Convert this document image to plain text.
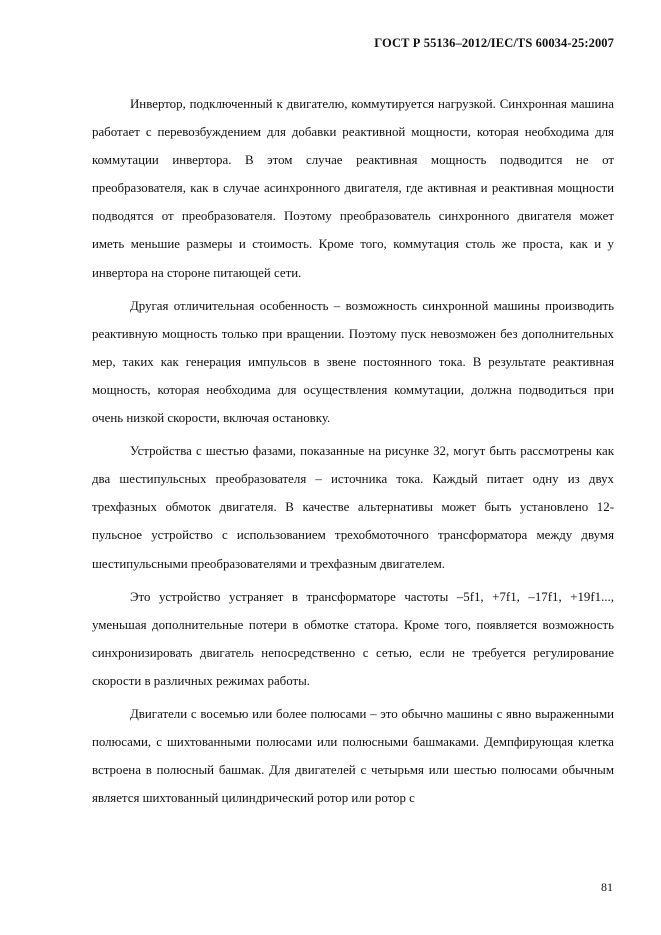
ГОСТ Р 55136–2012/IEC/TS 60034-25:2007

Инвертор, подключенный к двигателю, коммутируется нагрузкой. Синхронная машина работает с перевозбуждением для добавки реактивной мощности, которая необходима для коммутации инвертора. В этом случае реактивная мощность подводится не от преобразователя, как в случае асинхронного двигателя, где активная и реактивная мощности подводятся от преобразователя. Поэтому преобразователь синхронного двигателя может иметь меньшие размеры и стоимость. Кроме того, коммутация столь же проста, как и у инвертора на стороне питающей сети.

Другая отличительная особенность – возможность синхронной машины производить реактивную мощность только при вращении. Поэтому пуск невозможен без дополнительных мер, таких как генерация импульсов в звене постоянного тока. В результате реактивная мощность, которая необходима для осуществления коммутации, должна подводиться при очень низкой скорости, включая остановку.

Устройства с шестью фазами, показанные на рисунке 32, могут быть рассмотрены как два шестипульсных преобразователя – источника тока. Каждый питает одну из двух трехфазных обмоток двигателя. В качестве альтернативы может быть установлено 12-пульсное устройство с использованием трехобмоточного трансформатора между двумя шестипульсными преобразователями и трехфазным двигателем.

Это устройство устраняет в трансформаторе частоты –5f1, +7f1, –17f1, +19f1..., уменьшая дополнительные потери в обмотке статора. Кроме того, появляется возможность синхронизировать двигатель непосредственно с сетью, если не требуется регулирование скорости в различных режимах работы.

Двигатели с восемью или более полюсами – это обычно машины с явно выраженными полюсами, с шихтованными полюсами или полюсными башмаками. Демпфирующая клетка встроена в полюсный башмак. Для двигателей с четырьмя или шестью полюсами обычным является шихтованный цилиндрический ротор или ротор с

81
